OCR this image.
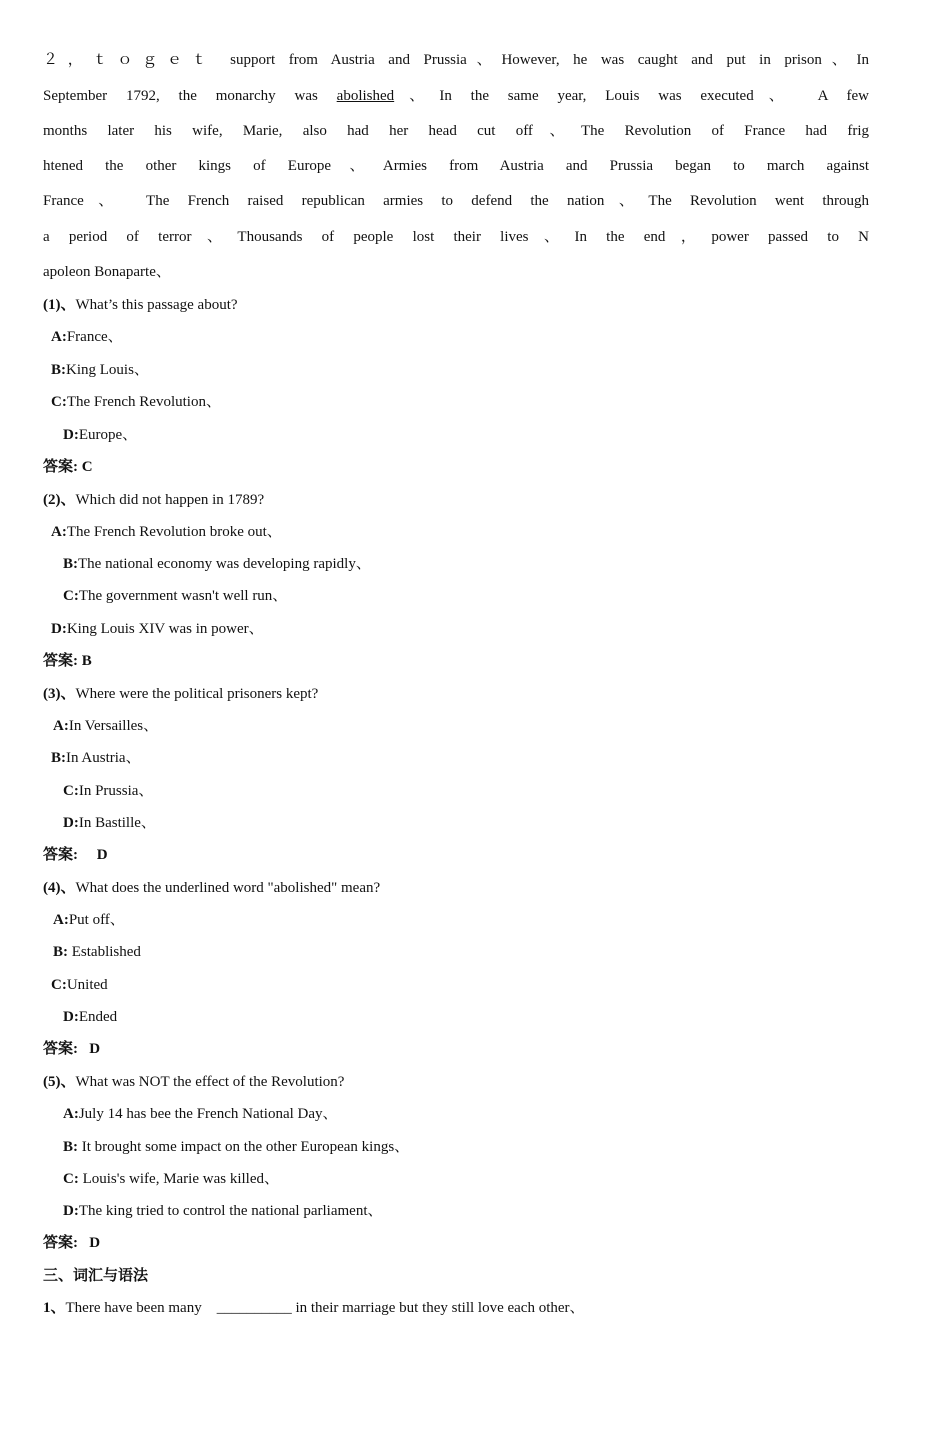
２，ｔｏｇｅｔ support from Austria and Prussia、However, he was caught and put in prison、In
September 1792, the monarchy was abolished、In the same year, Louis was executed、 A few
months later his wife, Marie, also had her head cut off、The Revolution of France had frig
htened the other kings of Europe、Armies from Austria and Prussia began to march against
France、 The French raised republican armies to defend the nation、The Revolution went through
a period of terror、Thousands of people lost their lives、In the end，power passed to N
apoleon Bonaparte、
(1)、What’s this passage about?
A:France、
B:King Louis、
C:The French Revolution、
D:Europe、
答案: C
(2)、Which did not happen in 1789?
A:The French Revolution broke out、
B:The national economy was developing rapidly、
C:The government wasn't well run、
D:King Louis XIV was in power、
答案: B
(3)、Where were the political prisoners kept?
A:In Versailles、
B:In Austria、
C:In Prussia、
D:In Bastille、
答案: D
(4)、What does the underlined word "abolished" mean?
A:Put off、
B: Established
C:United
D:Ended
答案: D
(5)、What was NOT the effect of the Revolution?
A:July 14 has bee the French National Day、
B: It brought some impact on the other European kings、
C: Louis's wife, Marie was killed、
D:The king tried to control the national parliament、
答案: D
三、词汇与语法
1、There have been many __________ in their marriage but they still love each other、
